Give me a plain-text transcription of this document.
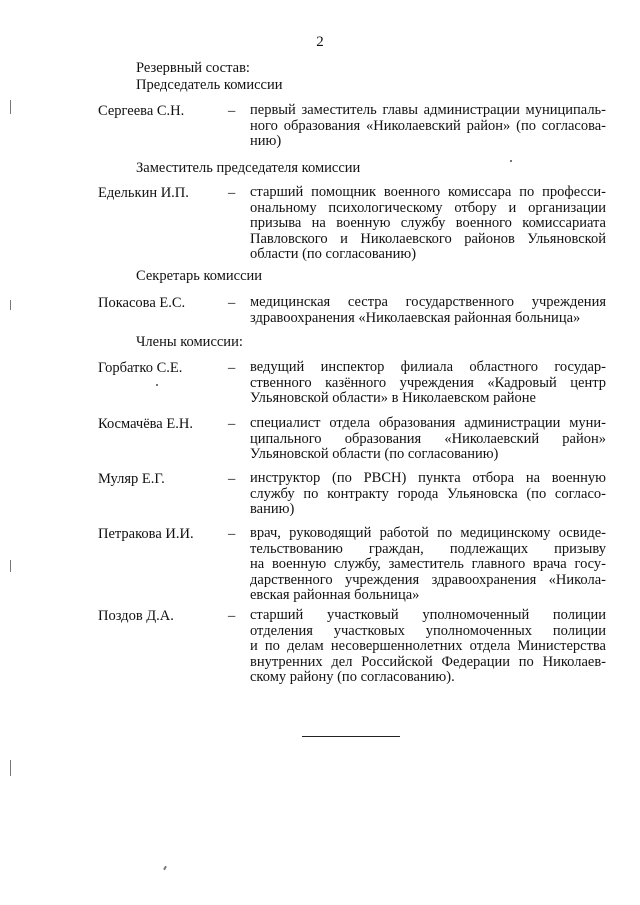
2
Резервный состав:
Председатель комиссии
Сергеева С.Н.	– первый заместитель главы администрации муниципаль-
ного образования «Николаевский район» (по согласова-
нию)
Заместитель председателя комиссии
Еделькин И.П.	– старший помощник военного комиссара по професси-
ональному психологическому отбору и организации
призыва на военную службу военного комиссариата
Павловского и Николаевского районов Ульяновской
области (по согласованию)
Секретарь комиссии
Покасова Е.С.	– медицинская сестра государственного учреждения
здравоохранения «Николаевская районная больница»
Члены комиссии:
Горбатко С.Е.	– ведущий инспектор филиала областного государ-
ственного казённого учреждения «Кадровый центр
Ульяновской области» в Николаевском районе
Космачёва Е.Н. – специалист отдела образования администрации муни-
ципального образования «Николаевский район»
Ульяновской области (по согласованию)
Муляр Е.Г.	– инструктор (по РВСН) пункта отбора на военную
службу по контракту города Ульяновска (по согласо-
ванию)
Петракова И.И. – врач, руководящий работой по медицинскому освиде-
тельствованию граждан, подлежащих призыву
на военную службу, заместитель главного врача госу-
дарственного учреждения здравоохранения «Никола-
евская районная больница»
Поздов Д.А.	– старший участковый уполномоченный полиции
отделения участковых уполномоченных полиции
и по делам несовершеннолетних отдела Министерства
внутренних дел Российской Федерации по Николаев-
скому району (по согласованию).
